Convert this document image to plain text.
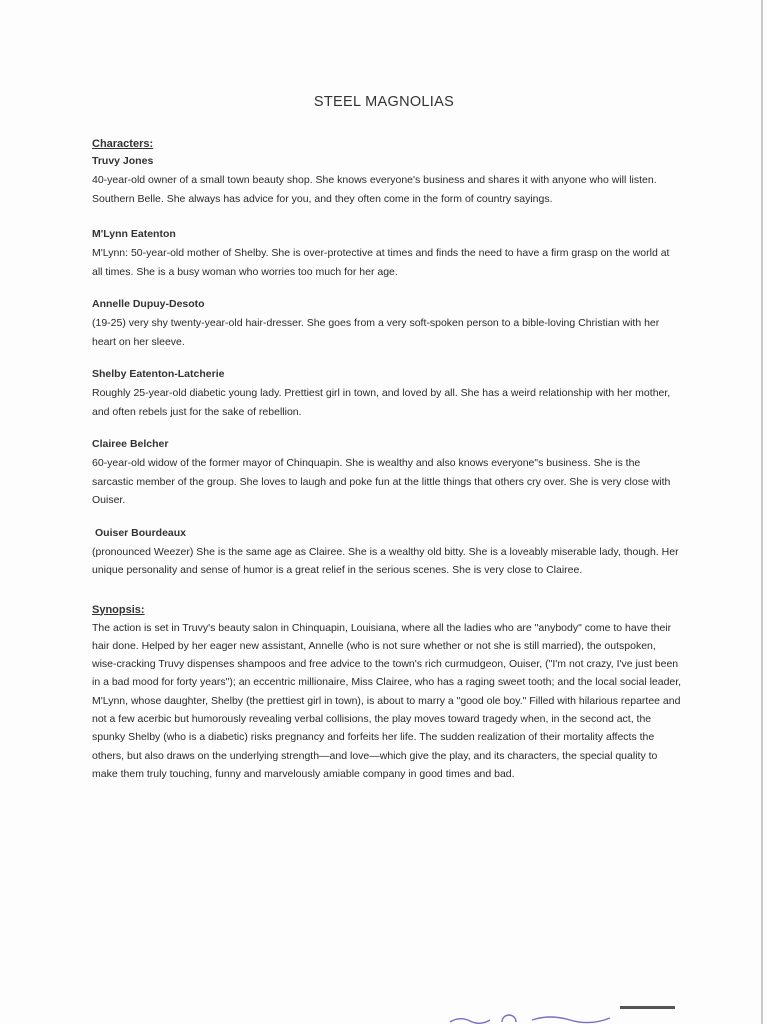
STEEL MAGNOLIAS
Characters:
Truvy Jones

40-year-old owner of a small town beauty shop. She knows everyone's business and shares it with anyone who will listen. Southern Belle. She always has advice for you, and they often come in the form of country sayings.

M'Lynn Eatenton

M'Lynn: 50-year-old mother of Shelby. She is over-protective at times and finds the need to have a firm grasp on the world at all times. She is a busy woman who worries too much for her age.

Annelle Dupuy-Desoto

(19-25) very shy twenty-year-old hair-dresser. She goes from a very soft-spoken person to a bible-loving Christian with her heart on her sleeve.

Shelby Eatenton-Latcherie

Roughly 25-year-old diabetic young lady. Prettiest girl in town, and loved by all. She has a weird relationship with her mother, and often rebels just for the sake of rebellion.

Clairee Belcher

60-year-old widow of the former mayor of Chinquapin. She is wealthy and also knows everyone"s business. She is the sarcastic member of the group. She loves to laugh and poke fun at the little things that others cry over. She is very close with Ouiser.

Ouiser Bourdeaux

(pronounced Weezer) She is the same age as Clairee. She is a wealthy old bitty. She is a loveably miserable lady, though. Her unique personality and sense of humor is a great relief in the serious scenes. She is very close to Clairee.

Synopsis:

The action is set in Truvy's beauty salon in Chinquapin, Louisiana, where all the ladies who are "anybody" come to have their hair done. Helped by her eager new assistant, Annelle (who is not sure whether or not she is still married), the outspoken, wise-cracking Truvy dispenses shampoos and free advice to the town's rich curmudgeon, Ouiser, ("I'm not crazy, I've just been in a bad mood for forty years"); an eccentric millionaire, Miss Clairee, who has a raging sweet tooth; and the local social leader, M'Lynn, whose daughter, Shelby (the prettiest girl in town), is about to marry a "good ole boy." Filled with hilarious repartee and not a few acerbic but humorously revealing verbal collisions, the play moves toward tragedy when, in the second act, the spunky Shelby (who is a diabetic) risks pregnancy and forfeits her life. The sudden realization of their mortality affects the others, but also draws on the underlying strength—and love—which give the play, and its characters, the special quality to make them truly touching, funny and marvelously amiable company in good times and bad.
